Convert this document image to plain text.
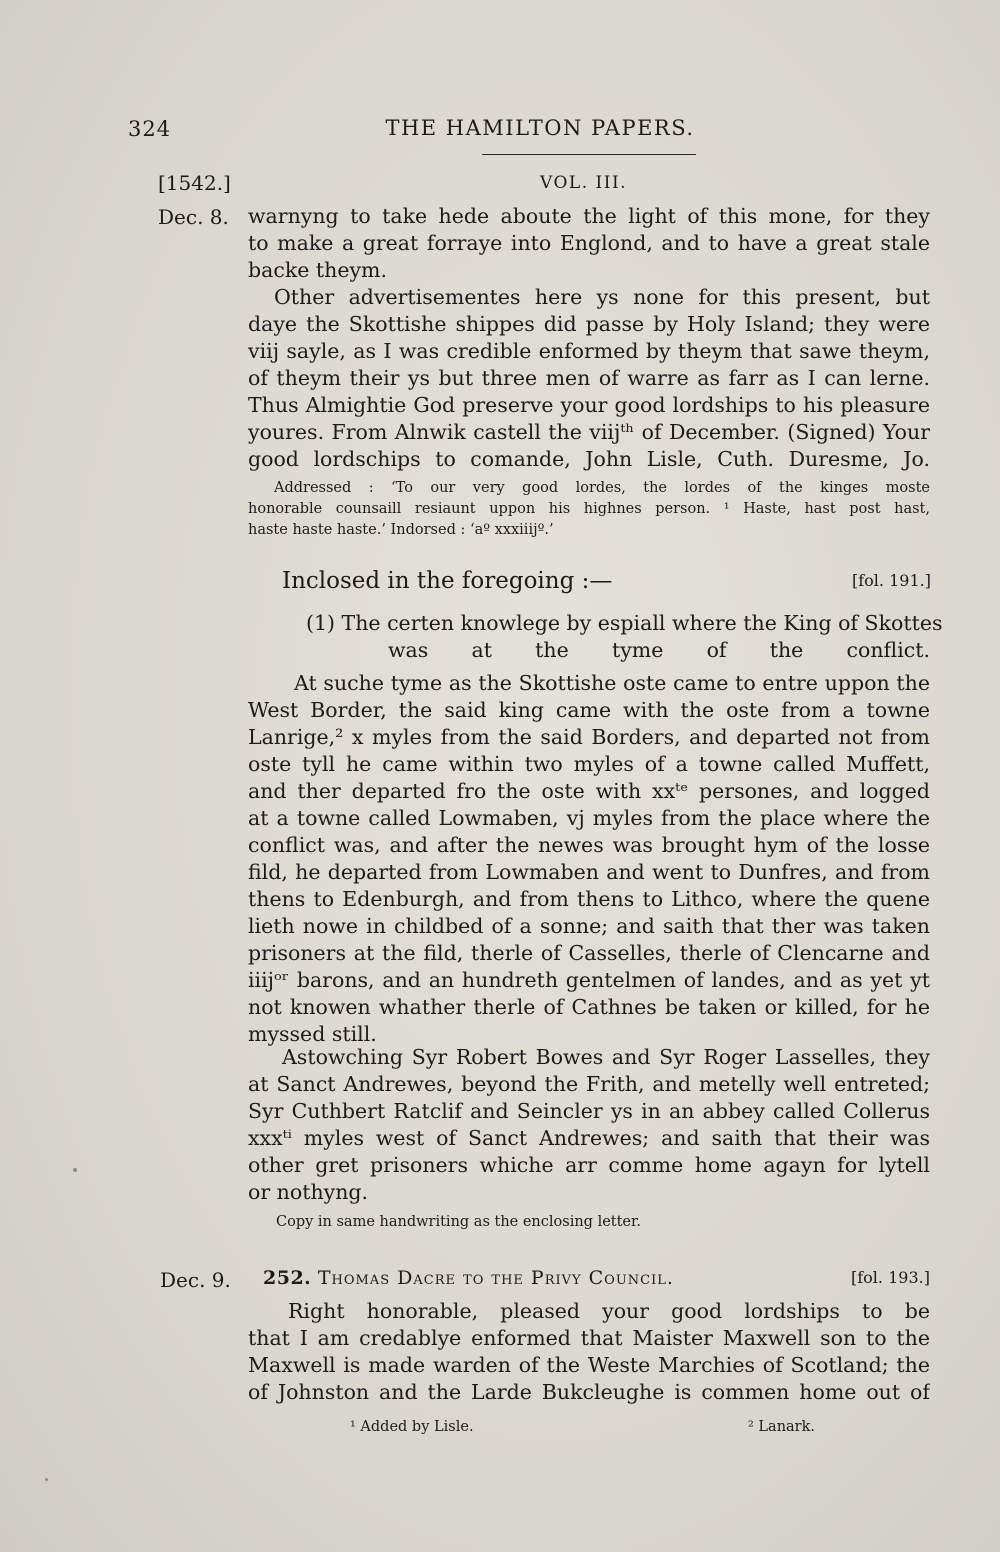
324	THE HAMILTON PAPERS.
[1542.]	VOL. III.
Dec. 8. warnyng to take hede aboute the light of this mone, for they
to make a great forraye into Englond, and to have a great stale
backe theym.
Other advertisementes here ys none for this present, but
daye the Skottishe shippes did passe by Holy Island; they were
viij sayle, as I was credible enformed by theym that sawe theym,
of theym their ys but three men of warre as farr as I can lerne.
Thus Almightie God preserve your good lordships to his pleasure
youres. From Alnwik castell the viijᵗʰ of December. (Signed) Your
good lordschips to comande, John Lisle, Cuth. Duresme, Jo.
Addressed : ‘To our very good lordes, the lordes of the kinges moste
honorable counsaill resiaunt uppon his highnes person. ¹ Haste, hast post hast,
haste haste haste.’ Indorsed : ‘aº xxxiiijº.’
Inclosed in the foregoing :—	[fol. 191.]
(1) The certen knowlege by espiall where the King of Skottes
was at the tyme of the conflict.
At suche tyme as the Skottishe oste came to entre uppon the
West Border, the said king came with the oste from a towne
Lanrige,² x myles from the said Borders, and departed not from
oste tyll he came within two myles of a towne called Muffett,
and ther departed fro the oste with xxᵗᵉ persones, and logged
at a towne called Lowmaben, vj myles from the place where the
conflict was, and after the newes was brought hym of the losse
fild, he departed from Lowmaben and went to Dunfres, and from
thens to Edenburgh, and from thens to Lithco, where the quene
lieth nowe in childbed of a sonne; and saith that ther was taken
prisoners at the fild, therle of Casselles, therle of Clencarne and
iiijᵒʳ barons, and an hundreth gentelmen of landes, and as yet yt
not knowen whather therle of Cathnes be taken or killed, for he
myssed still.
Astowching Syr Robert Bowes and Syr Roger Lasselles, they
at Sanct Andrewes, beyond the Frith, and metelly well entreted;
Syr Cuthbert Ratclif and Seincler ys in an abbey called Collerus
xxxᵗⁱ myles west of Sanct Andrewes; and saith that their was
other gret prisoners whiche arr comme home agayn for lytell
or nothyng.
Copy in same handwriting as the enclosing letter.
Dec. 9. 252. Thomas Dacre to the Privy Council.	[fol. 193.]
Right honorable, pleased your good lordships to be
that I am credablye enformed that Maister Maxwell son to the
Maxwell is made warden of the Weste Marchies of Scotland; the
of Johnston and the Larde Bukcleughe is commen home out of
¹ Added by Lisle.	² Lanark.
